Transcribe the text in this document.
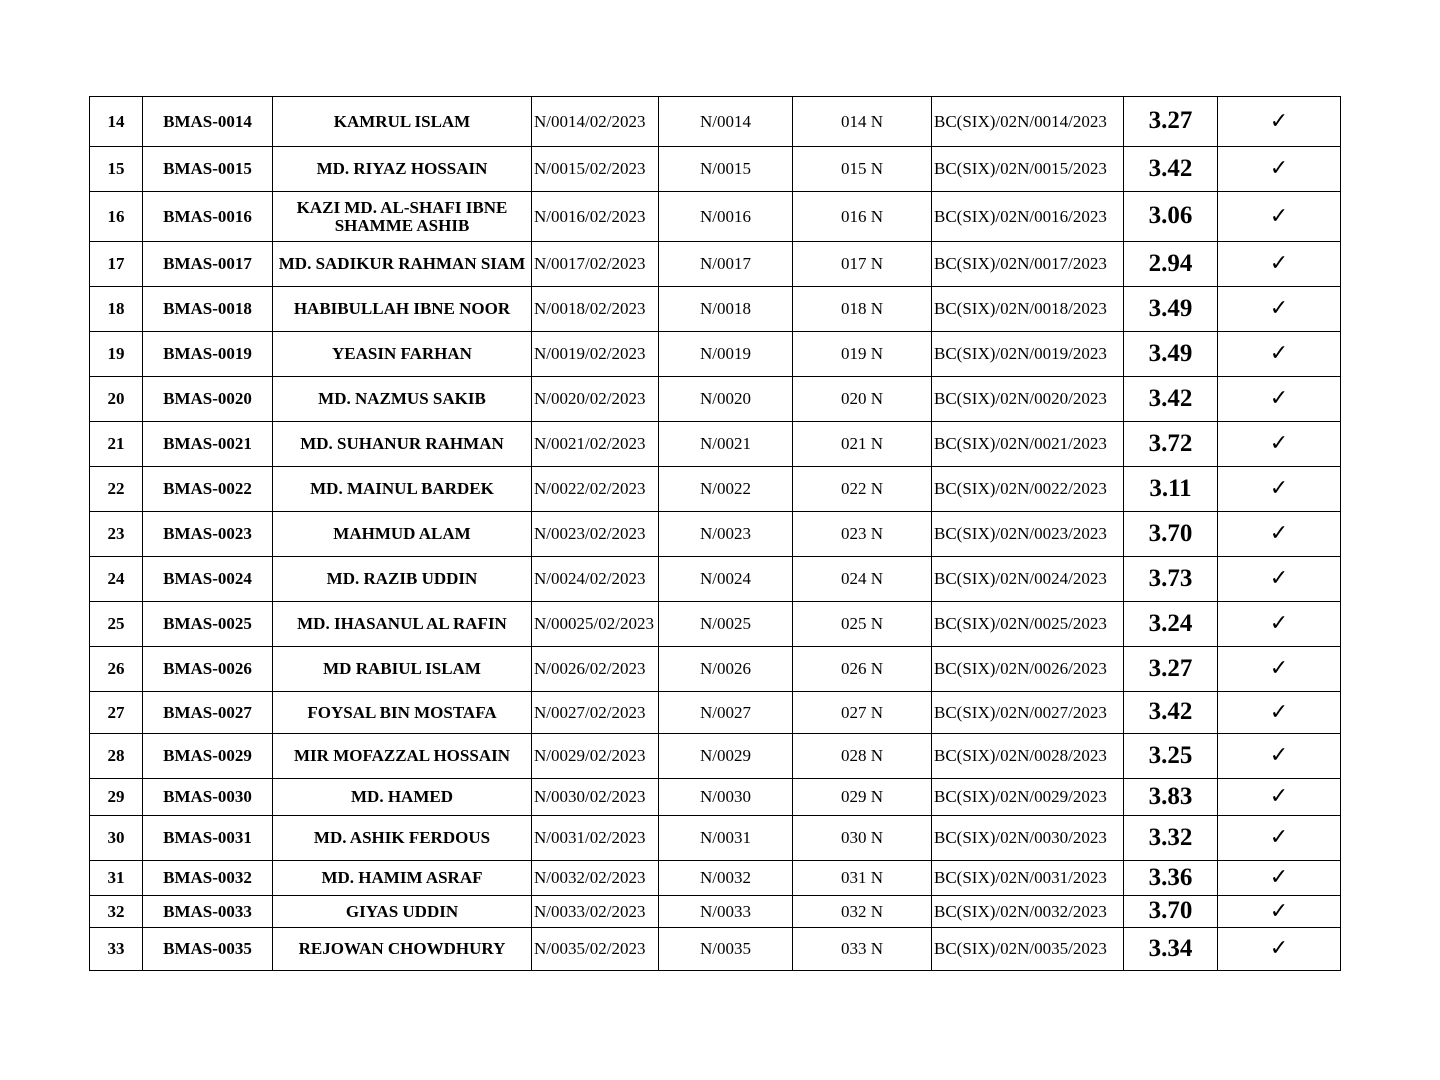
14	BMAS-0014	KAMRUL ISLAM	N/0014/02/2023	N/0014	014 N	BC(SIX)/02N/0014/2023	3.27	✓
15	BMAS-0015	MD. RIYAZ HOSSAIN	N/0015/02/2023	N/0015	015 N	BC(SIX)/02N/0015/2023	3.42	✓
16	BMAS-0016	KAZI MD. AL-SHAFI IBNE SHAMME ASHIB	N/0016/02/2023	N/0016	016 N	BC(SIX)/02N/0016/2023	3.06	✓
17	BMAS-0017	MD. SADIKUR RAHMAN SIAM	N/0017/02/2023	N/0017	017 N	BC(SIX)/02N/0017/2023	2.94	✓
18	BMAS-0018	HABIBULLAH IBNE NOOR	N/0018/02/2023	N/0018	018 N	BC(SIX)/02N/0018/2023	3.49	✓
19	BMAS-0019	YEASIN FARHAN	N/0019/02/2023	N/0019	019 N	BC(SIX)/02N/0019/2023	3.49	✓
20	BMAS-0020	MD. NAZMUS SAKIB	N/0020/02/2023	N/0020	020 N	BC(SIX)/02N/0020/2023	3.42	✓
21	BMAS-0021	MD. SUHANUR RAHMAN	N/0021/02/2023	N/0021	021 N	BC(SIX)/02N/0021/2023	3.72	✓
22	BMAS-0022	MD. MAINUL BARDEK	N/0022/02/2023	N/0022	022 N	BC(SIX)/02N/0022/2023	3.11	✓
23	BMAS-0023	MAHMUD ALAM	N/0023/02/2023	N/0023	023 N	BC(SIX)/02N/0023/2023	3.70	✓
24	BMAS-0024	MD. RAZIB UDDIN	N/0024/02/2023	N/0024	024 N	BC(SIX)/02N/0024/2023	3.73	✓
25	BMAS-0025	MD. IHASANUL AL RAFIN	N/00025/02/2023	N/0025	025 N	BC(SIX)/02N/0025/2023	3.24	✓
26	BMAS-0026	MD RABIUL ISLAM	N/0026/02/2023	N/0026	026 N	BC(SIX)/02N/0026/2023	3.27	✓
27	BMAS-0027	FOYSAL BIN MOSTAFA	N/0027/02/2023	N/0027	027 N	BC(SIX)/02N/0027/2023	3.42	✓
28	BMAS-0029	MIR MOFAZZAL HOSSAIN	N/0029/02/2023	N/0029	028 N	BC(SIX)/02N/0028/2023	3.25	✓
29	BMAS-0030	MD. HAMED	N/0030/02/2023	N/0030	029 N	BC(SIX)/02N/0029/2023	3.83	✓
30	BMAS-0031	MD. ASHIK FERDOUS	N/0031/02/2023	N/0031	030 N	BC(SIX)/02N/0030/2023	3.32	✓
31	BMAS-0032	MD. HAMIM ASRAF	N/0032/02/2023	N/0032	031 N	BC(SIX)/02N/0031/2023	3.36	✓
32	BMAS-0033	GIYAS UDDIN	N/0033/02/2023	N/0033	032 N	BC(SIX)/02N/0032/2023	3.70	✓
33	BMAS-0035	REJOWAN CHOWDHURY	N/0035/02/2023	N/0035	033 N	BC(SIX)/02N/0035/2023	3.34	✓
